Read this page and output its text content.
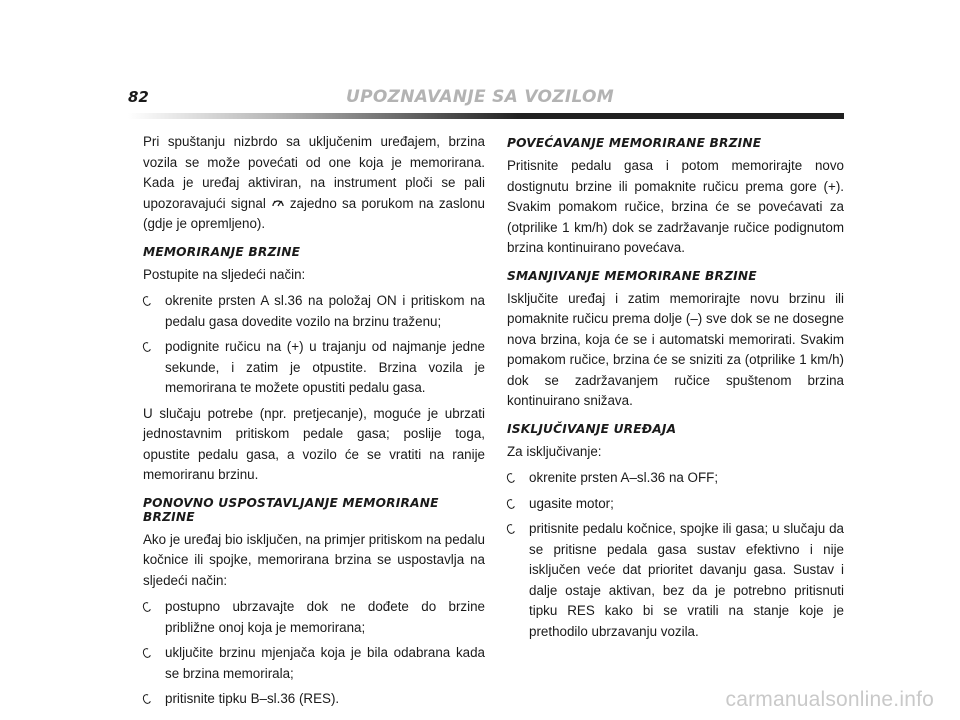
82	UPOZNAVANJE SA VOZILOM

Pri spuštanju nizbrdo sa uključenim uređajem, brzina vozila se može povećati od one koja je memorirana. Kada je uređaj aktiviran, na instrument ploči se pali upozoravajući signal zajedno sa porukom na zaslonu (gdje je opremljeno).

MEMORIRANJE BRZINE

Postupite na sljedeći način:

okrenite prsten A sl.36 na položaj ON i pritiskom na pedalu gasa dovedite vozilo na brzinu traženu;
podignite ručicu na (+) u trajanju od najmanje jedne sekunde, i zatim je otpustite. Brzina vozila je memorirana te možete opustiti pedalu gasa.

U slučaju potrebe (npr. pretjecanje), moguće je ubrzati jednostavnim pritiskom pedale gasa; poslije toga, opustite pedalu gasa, a vozilo će se vratiti na ranije memoriranu brzinu.

PONOVNO USPOSTAVLJANJE MEMORIRANE BRZINE

Ako je uređaj bio isključen, na primjer pritiskom na pedalu kočnice ili spojke, memorirana brzina se uspostavlja na sljedeći način:

postupno ubrzavajte dok ne dođete do brzine približne onoj koja je memorirana;
uključite brzinu mjenjača koja je bila odabrana kada se brzina memorirala;
pritisnite tipku B–sl.36 (RES).
POVEĆAVANJE MEMORIRANE BRZINE

Pritisnite pedalu gasa i potom memorirajte novo dostignutu brzine ili pomaknite ručicu prema gore (+). Svakim pomakom ručice, brzina će se povećavati za (otprilike 1 km/h) dok se zadržavanje ručice podignutom brzina kontinuirano povećava.

SMANJIVANJE MEMORIRANE BRZINE

Isključite uređaj i zatim memorirajte novu brzinu ili pomaknite ručicu prema dolje (–) sve dok se ne dosegne nova brzina, koja će se i automatski memorirati. Svakim pomakom ručice, brzina će se sniziti za (otprilike 1 km/h) dok se zadržavanjem ručice spuštenom brzina kontinuirano snižava.

ISKLJUČIVANJE UREĐAJA

Za isključivanje:

okrenite prsten A–sl.36 na OFF;
ugasite motor;
pritisnite pedalu kočnice, spojke ili gasa; u slučaju da se pritisne pedala gasa sustav efektivno i nije isključen veće dat prioritet davanju gasa. Sustav i dalje ostaje aktivan, bez da je potrebno pritisnuti tipku RES kako bi se vratili na stanje koje je prethodilo ubrzavanju vozila.
carmanualsonline.info
